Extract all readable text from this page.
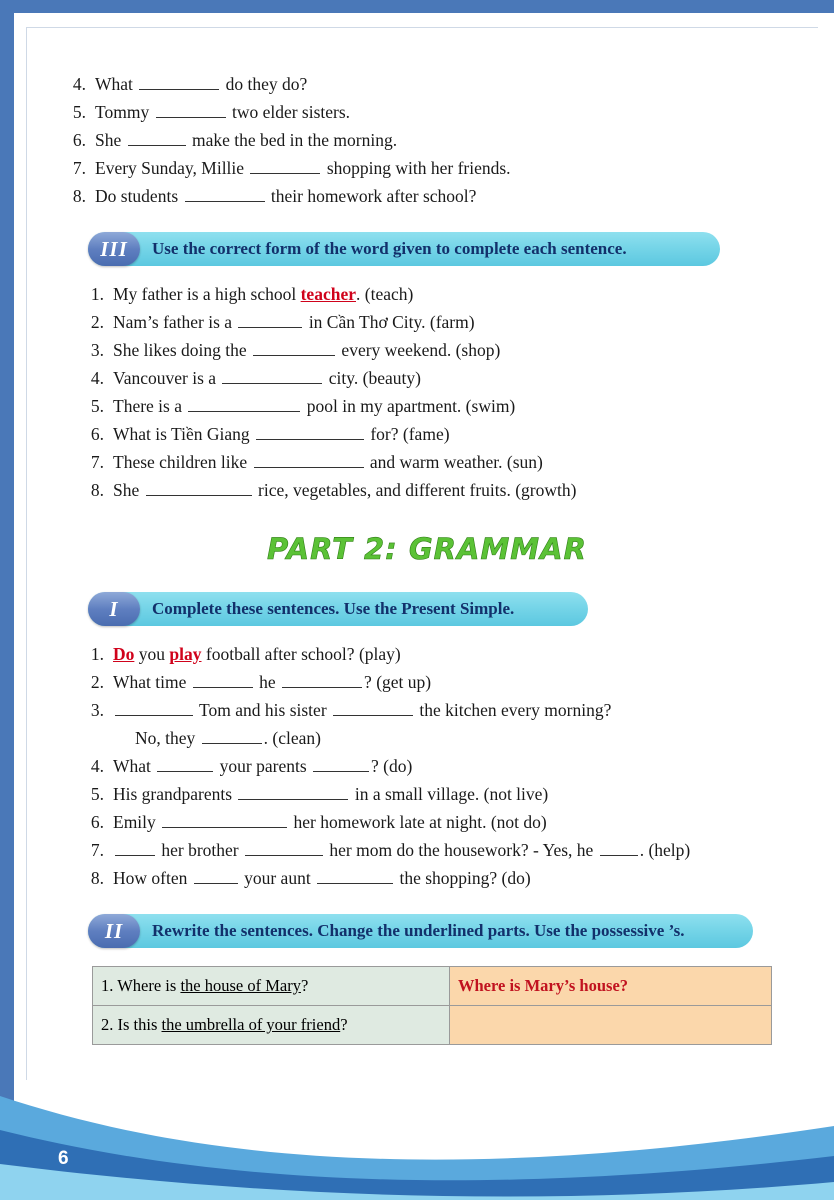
6
4. What	do they do?
5. Tommy	two elder sisters.
6. She	make the bed in the morning.
7. Every Sunday, Millie	shopping with her friends.
8. Do students	their homework after school?
III	Use the correct form of the word given to complete each sentence.
1. My father is a high school teacher. (teach)
2. Nam’s father is a	in Cần Thơ City. (farm)
3. She likes doing the	every weekend. (shop)
4. Vancouver is a	city. (beauty)
5. There is a	pool in my apartment. (swim)
6. What is Tiền Giang	for? (fame)
7. These children like	and warm weather. (sun)
8. She	rice, vegetables, and different fruits. (growth)
PART 2: GRAMMAR
I	Complete these sentences. Use the Present Simple.
1. Do you play football after school? (play)
2. What time	he	? (get up)
3.	Tom and his sister	the kitchen every morning?
No, they	. (clean)
4. What	your parents	? (do)
5. His grandparents	in a small village. (not live)
6. Emily	her homework late at night. (not do)
7.	her brother	her mom do the housework? - Yes, he . (help)
8. How often	your aunt	the shopping? (do)
II	Rewrite the sentences. Change the underlined parts. Use the possessive ’s.
1. Where is the house of Mary?	Where is Mary’s house?
2. Is this the umbrella of your friend?	
